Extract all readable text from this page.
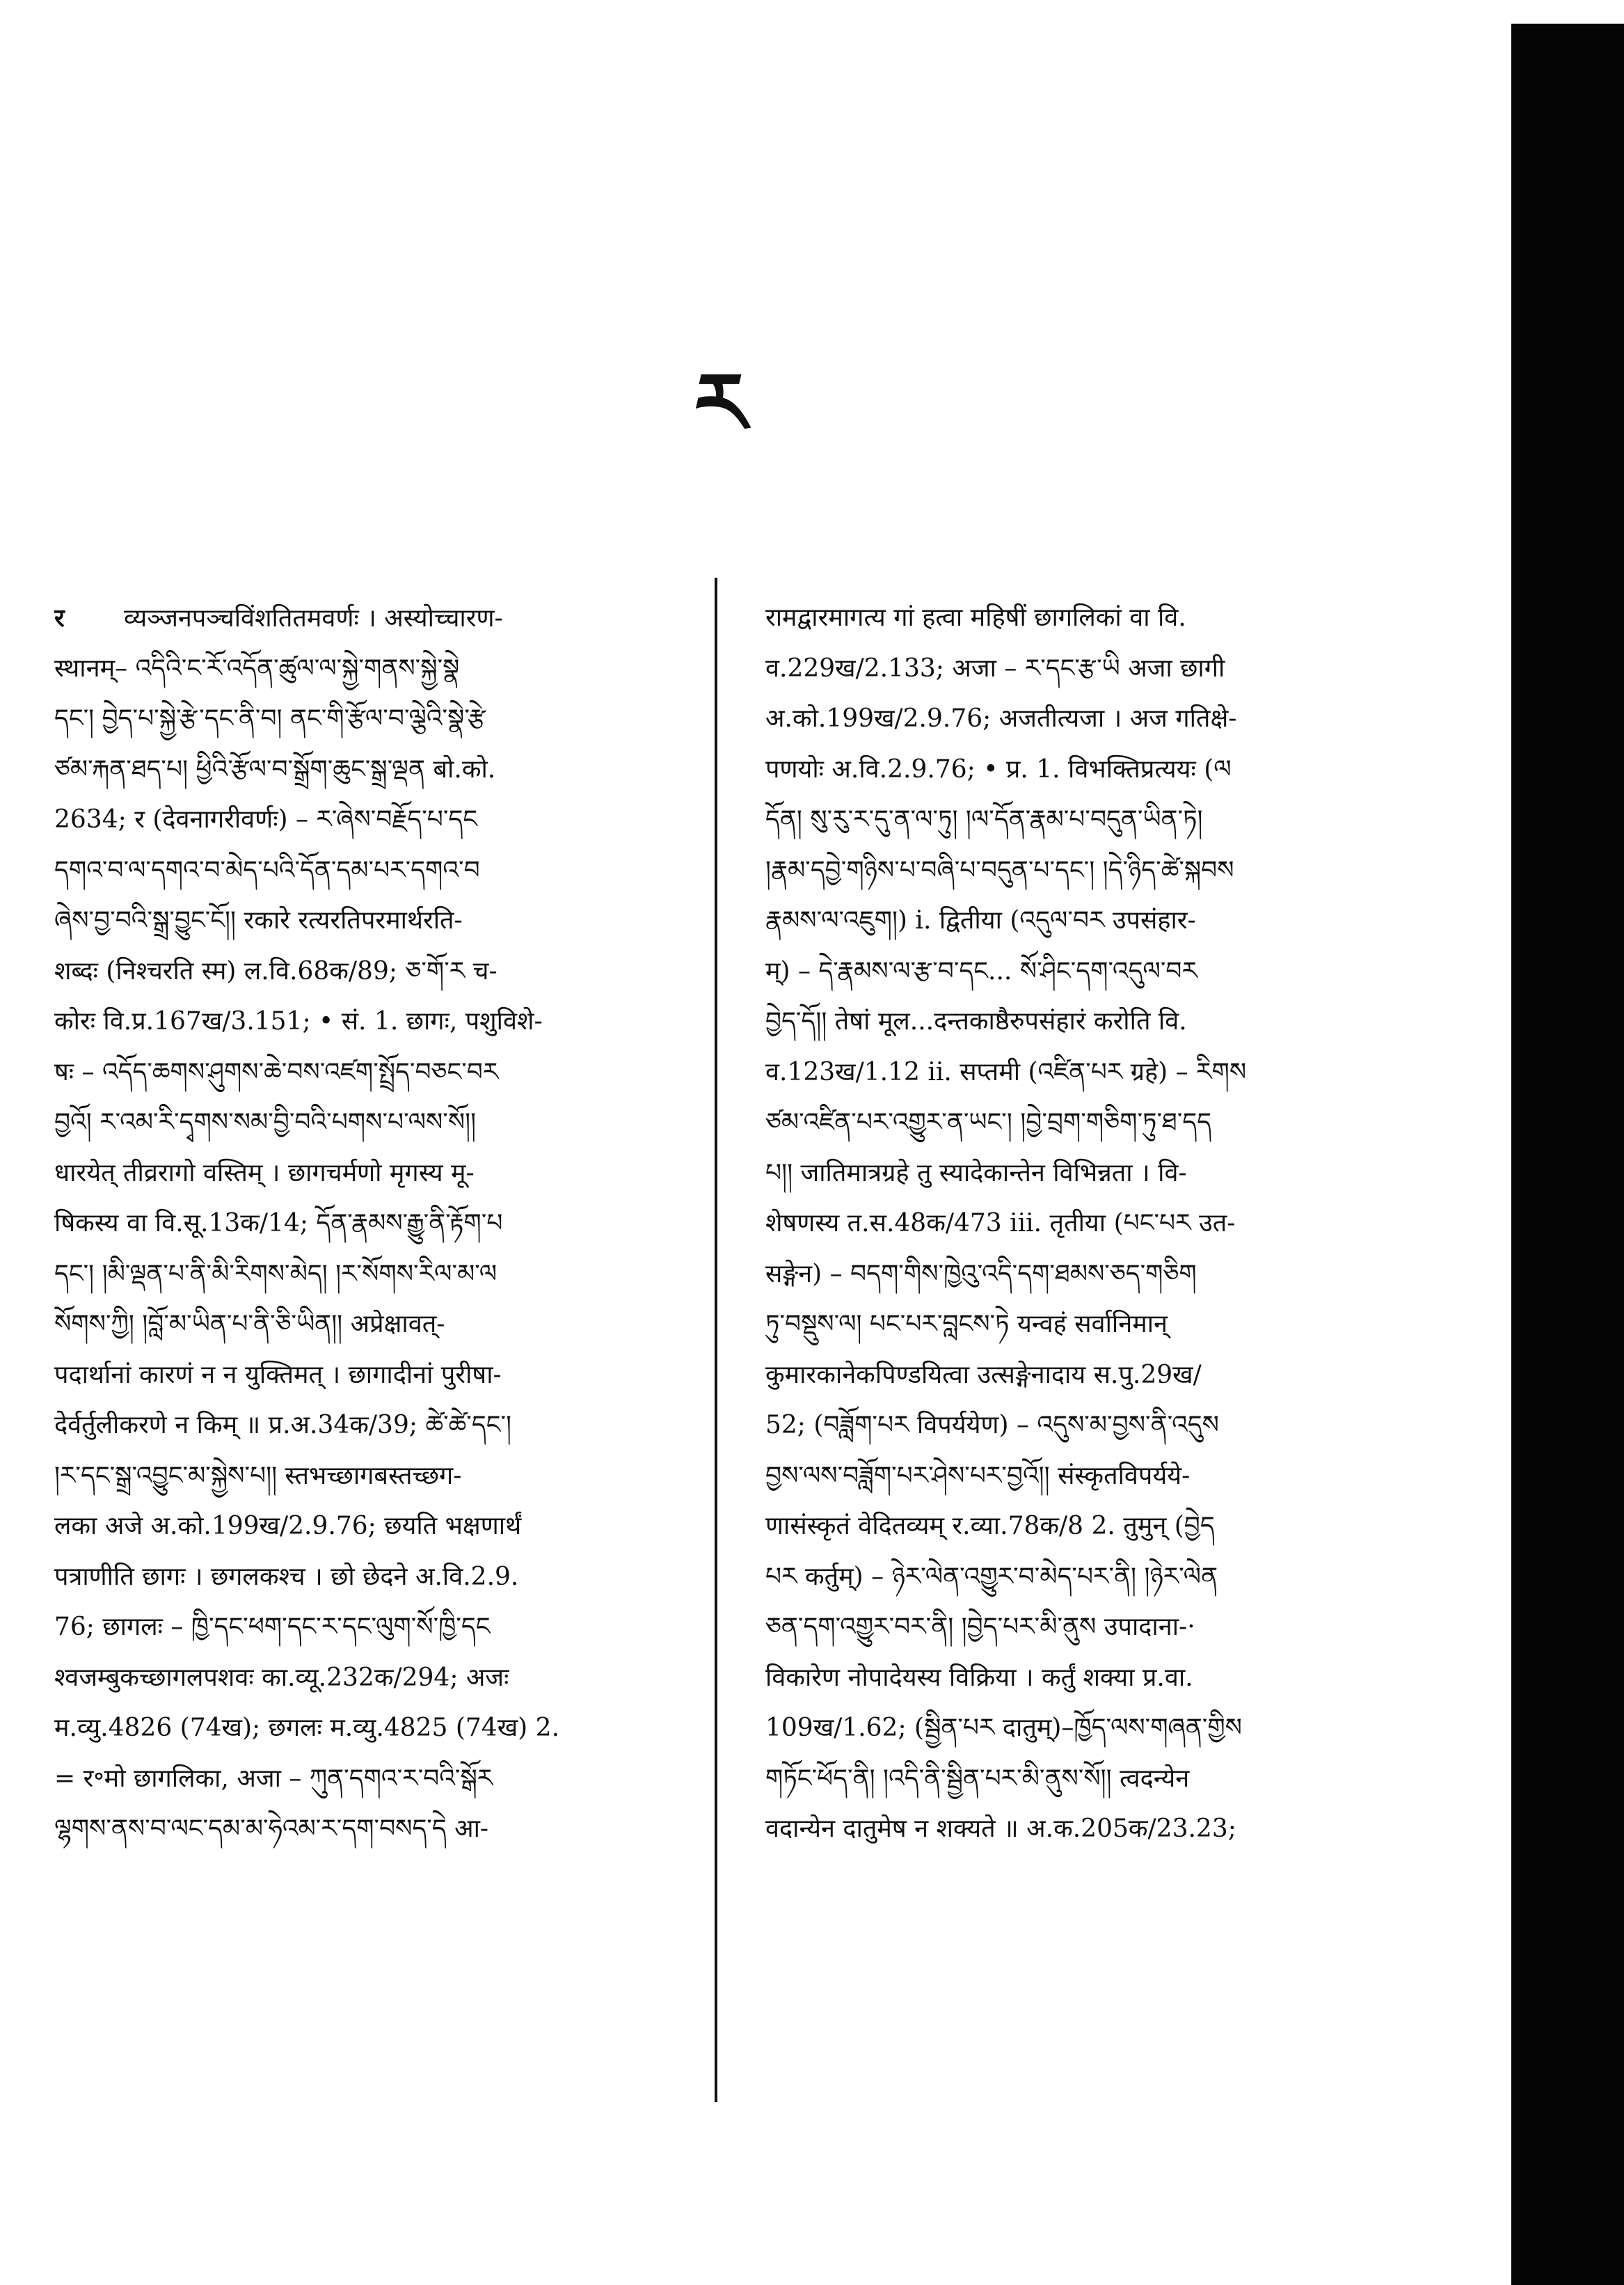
ར
र व्यञ्जनपञ्चविंशतितमवर्णः । अस्योच्चारण-
स्थानम्– འདིའི་ང་རོ་འདོན་ཚུལ་ལ་སྐྱེ་གནས་སྐྱེ་སྣེ
དང་། བྱེད་པ་སྐྱེ་རྩེ་དང་ནི་བ། ནང་གི་རྩོལ་བ་ལྕེའི་སྣེ་རྩེ
ཙམ་རྐན་ཐད་པ། ཕྱིའི་རྩོལ་བ་སྒྲོག་ཆུང་སྒྲ་ལྡན बो.को.
2634; र (देवनागरीवर्णः) – ར་ཞེས་བརྗོད་པ་དང
དགའ་བ་ལ་དགའ་བ་མེད་པའི་དོན་དམ་པར་དགའ་བ
ཞེས་བྱ་བའི་སྒྲ་བྱུང་ངོ།། रकारे रत्यरतिपरमार्थरति-
शब्दः (निश्चरति स्म) ल.वि.68क/89; ཅ་གོ་ར च-
कोरः वि.प्र.167ख/3.151; • सं. 1. छागः, पशुविशे-
षः – འདོད་ཆགས་ཤུགས་ཆེ་བས་འཛག་སྤྲོད་བཅང་བར
བྱའོ། ར་འམ་རི་དྭགས་སམ་བྱི་བའི་པགས་པ་ལས་སོ།།
धारयेत् तीव्ररागो वस्तिम् । छागचर्मणो मृगस्य मू-
षिकस्य वा वि.सू.13क/14; དོན་རྣམས་རྒྱུ་ནི་རྟོག་པ
དང་། །མི་ལྡན་པ་ནི་མི་རིགས་མེད། །ར་སོགས་རིལ་མ་ལ
སོགས་ཀྱི། །བློ་མ་ཡིན་པ་ནི་ཅི་ཡིན།། अप्रेक्षावत्-
पदार्थानां कारणं न न युक्तिमत् । छागादीनां पुरीषा-
देर्वर्तुलीकरणे न किम् ॥ प्र.अ.34क/39; ཚེ་ཚེ་དང་།
།ར་དང་སྒྲ་འབྱུང་མ་སྐྱེས་པ།། स्तभच्छागबस्तच्छग-
लका अजे अ.को.199ख/2.9.76; छयति भक्षणार्थं
पत्राणीति छागः । छगलकश्च । छो छेदने अ.वि.2.9.
76; छागलः – ཁྱི་དང་ཕག་དང་ར་དང་ལུག་སོ་ཁྱི་དང
श्वजम्बुकच्छागलपशवः का.व्यू.232क/294; अजः
म.व्यु.4826 (74ख); छगलः म.व्यु.4825 (74ख) 2.
= र॰मो छागलिका, अजा – ཀུན་དགའ་ར་བའི་སྒོར
ལྷགས་ནས་བ་ལང་དམ་མ་ཧེའམ་ར་དག་བསད་དེ आ-
रामद्वारमागत्य गां हत्वा महिषीं छागलिकां वा वि.
व.229ख/2.133; अजा – ར་དང་རྩ་ཡི अजा छागी
अ.को.199ख/2.9.76; अजतीत्यजा । अज गतिक्षे-
पणयोः अ.वि.2.9.76; • प्र. 1. विभक्तिप्रत्ययः (ལ
དོན། སུ་རུ་ར་དུ་ན་ལ་ཏུ། །ལ་དོན་རྣམ་པ་བདུན་ཡིན་ཏེ།
།རྣམ་དབྱེ་གཉིས་པ་བཞི་པ་བདུན་པ་དང་། །དེ་ཉིད་ཚེ་སྐབས
རྣམས་ལ་འཇུག།) i. द्वितीया (འདུལ་བར उपसंहार-
म्) – དེ་རྣམས་ལ་རྩ་བ་དང... སོ་ཤིང་དག་འདུལ་བར
བྱེད་དོ།། तेषां मूल...दन्तकाष्ठैरुपसंहारं करोति वि.
व.123ख/1.12 ii. सप्तमी (འཛིན་པར ग्रहे) – རིགས
ཙམ་འཛིན་པར་འགྱུར་ན་ཡང་། །བྱེ་བྲག་གཅིག་ཏུ་ཐ་དད
པ།། जातिमात्रग्रहे तु स्यादेकान्तेन विभिन्नता । वि-
शेषणस्य त.स.48क/473 iii. तृतीया (པང་པར उत-
सङ्गेन) – བདག་གིས་ཁྱེའུ་འདི་དག་ཐམས་ཅད་གཅིག
ཏུ་བསྡུས་ལ། པང་པར་བླངས་ཏེ यन्वहं सर्वानिमान्
कुमारकानेकपिण्डयित्वा उत्सङ्गेनादाय स.पु.29ख/
52; (བཟློག་པར विपर्ययेण) – འདུས་མ་བྱས་ནི་འདུས
བྱས་ལས་བཟློག་པར་ཤེས་པར་བྱའོ།། संस्कृतविपर्यये-
णासंस्कृतं वेदितव्यम् र.व्या.78क/8 2. तुमुन् (བྱེད
པར कर्तुम्) – ཉེར་ལེན་འགྱུར་བ་མེད་པར་ནི། །ཉེར་ལེན
ཅན་དག་འགྱུར་བར་ནི། །བྱེད་པར་མི་ནུས उपादाना-·
विकारेण नोपादेयस्य विक्रिया । कर्तुं शक्या प्र.वा.
109ख/1.62; (སྦྱིན་པར दातुम्)–ཁྱོད་ལས་གཞན་གྱིས
གཏོང་ཕོད་ནི། །འདི་ནི་སྦྱིན་པར་མི་ནུས་སོ།། त्वदन्येन
वदान्येन दातुमेष न शक्यते ॥ अ.क.205क/23.23;
